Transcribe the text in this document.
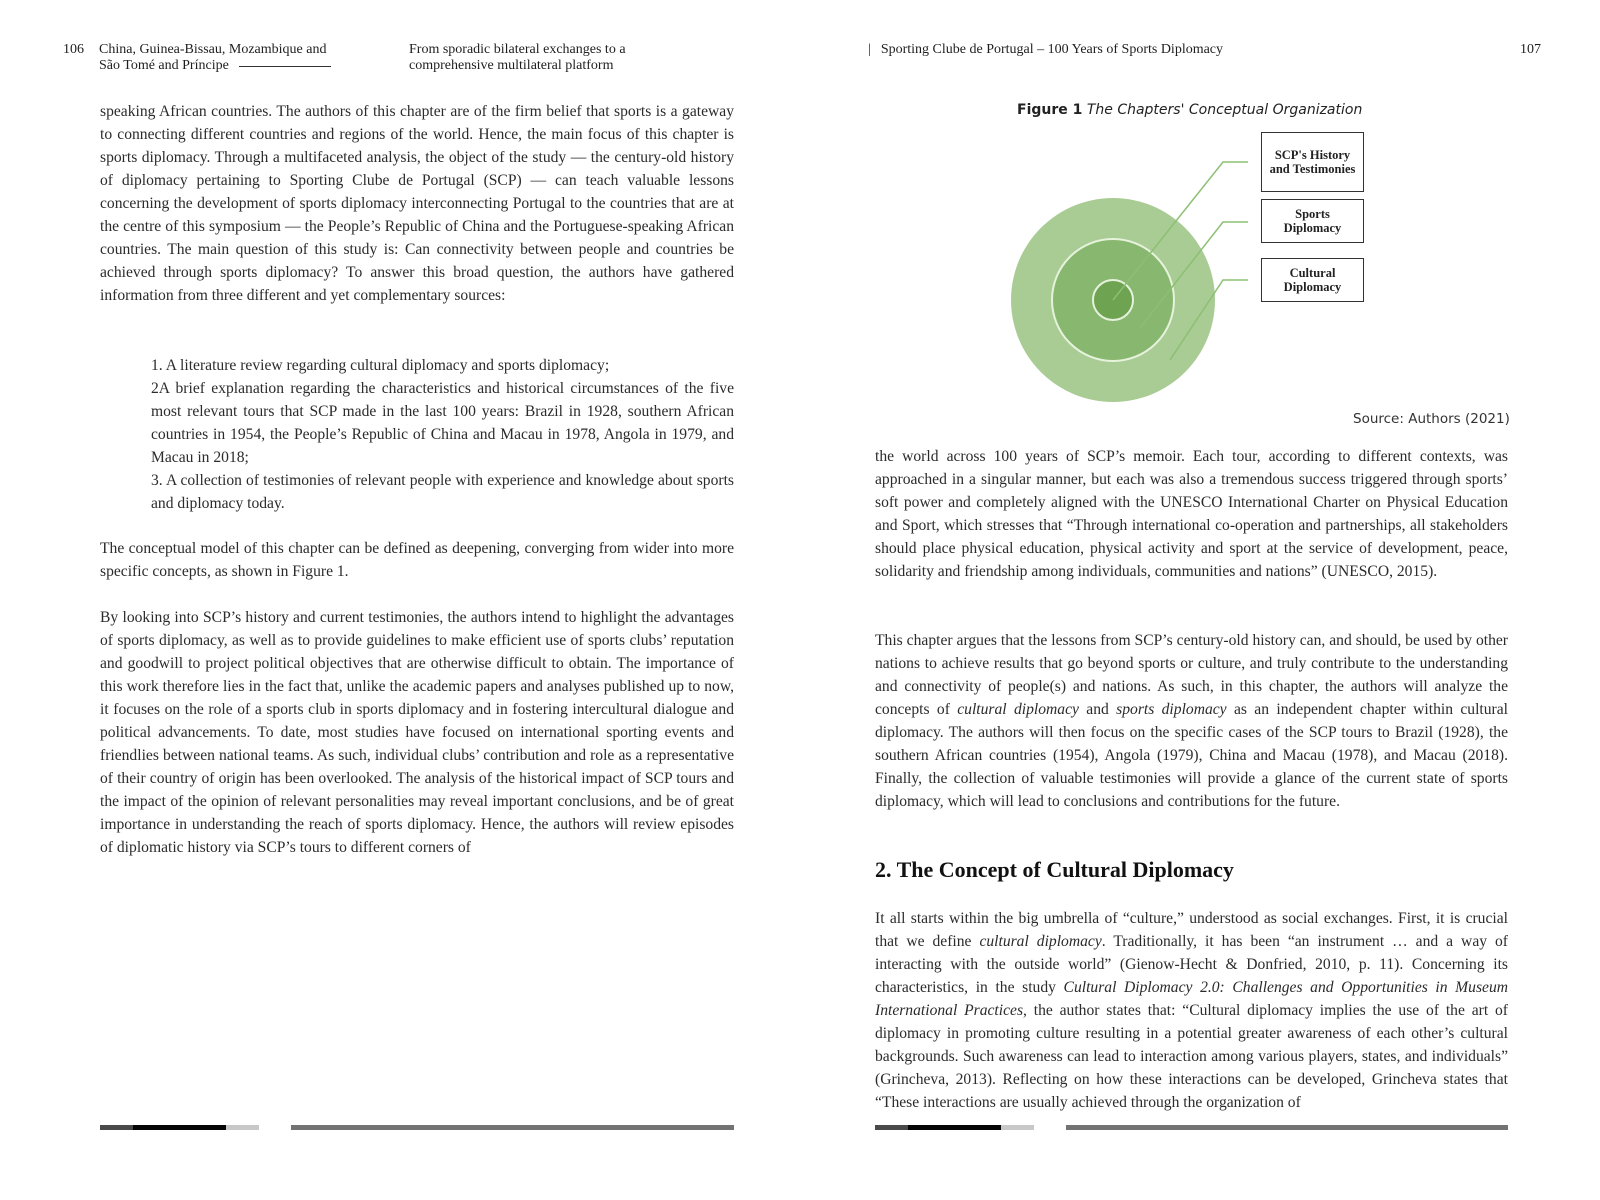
106 China, Guinea-Bissau, Mozambique and
São Tomé and Príncipe
From sporadic bilateral exchanges to a
comprehensive multilateral platform

speaking African countries. The authors of this chapter are of the firm belief that sports is a gateway to connecting different countries and regions of the world. Hence, the main focus of this chapter is sports diplomacy. Through a multifaceted analysis, the object of the study — the century-old history of diplomacy pertaining to Sporting Clube de Portugal (SCP) — can teach valuable lessons concerning the development of sports diplomacy interconnecting Portugal to the countries that are at the centre of this symposium — the People’s Republic of China and the Portuguese-speaking African countries. The main question of this study is: Can connectivity between people and countries be achieved through sports diplomacy? To answer this broad question, the authors have gathered information from three different and yet complementary sources:

1. A literature review regarding cultural diplomacy and sports diplomacy;
2A brief explanation regarding the characteristics and historical circumstances of the five most relevant tours that SCP made in the last 100 years: Brazil in 1928, southern African countries in 1954, the People’s Republic of China and Macau in 1978, Angola in 1979, and Macau in 2018;
3. A collection of testimonies of relevant people with experience and knowledge about sports and diplomacy today.

The conceptual model of this chapter can be defined as deepening, converging from wider into more specific concepts, as shown in Figure 1.

By looking into SCP’s history and current testimonies, the authors intend to highlight the advantages of sports diplomacy, as well as to provide guidelines to make efficient use of sports clubs’ reputation and goodwill to project political objectives that are otherwise difficult to obtain. The importance of this work therefore lies in the fact that, unlike the academic papers and analyses published up to now, it focuses on the role of a sports club in sports diplomacy and in fostering intercultural dialogue and political advancements. To date, most studies have focused on international sporting events and friendlies between national teams. As such, individual clubs’ contribution and role as a representative of their country of origin has been overlooked. The analysis of the historical impact of SCP tours and the impact of the opinion of relevant personalities may reveal important conclusions, and be of great importance in understanding the reach of sports diplomacy. Hence, the authors will review episodes of diplomatic history via SCP’s tours to different corners of

| Sporting Clube de Portugal – 100 Years of Sports Diplomacy	107
Figure 1 The Chapters' Conceptual Organization
SCP's History
and Testimonies
Sports
Diplomacy
Cultural
Diplomacy
Source: Authors (2021)

the world across 100 years of SCP’s memoir. Each tour, according to different contexts, was approached in a singular manner, but each was also a tremendous success triggered through sports’ soft power and completely aligned with the UNESCO International Charter on Physical Education and Sport, which stresses that “Through international co-operation and partnerships, all stakeholders should place physical education, physical activity and sport at the service of development, peace, solidarity and friendship among individuals, communities and nations” (UNESCO, 2015).

This chapter argues that the lessons from SCP’s century-old history can, and should, be used by other nations to achieve results that go beyond sports or culture, and truly contribute to the understanding and connectivity of people(s) and nations. As such, in this chapter, the authors will analyze the concepts of cultural diplomacy and sports diplomacy as an independent chapter within cultural diplomacy. The authors will then focus on the specific cases of the SCP tours to Brazil (1928), the southern African countries (1954), Angola (1979), China and Macau (1978), and Macau (2018). Finally, the collection of valuable testimonies will provide a glance of the current state of sports diplomacy, which will lead to conclusions and contributions for the future.

2. The Concept of Cultural Diplomacy

It all starts within the big umbrella of “culture,” understood as social exchanges. First, it is crucial that we define cultural diplomacy. Traditionally, it has been “an instrument … and a way of interacting with the outside world” (Gienow-Hecht & Donfried, 2010, p. 11). Concerning its characteristics, in the study Cultural Diplomacy 2.0: Challenges and Opportunities in Museum International Practices, the author states that: “Cultural diplomacy implies the use of the art of diplomacy in promoting culture resulting in a potential greater awareness of each other’s cultural backgrounds. Such awareness can lead to interaction among various players, states, and individuals” (Grincheva, 2013). Reflecting on how these interactions can be developed, Grincheva states that “These interactions are usually achieved through the organization of
